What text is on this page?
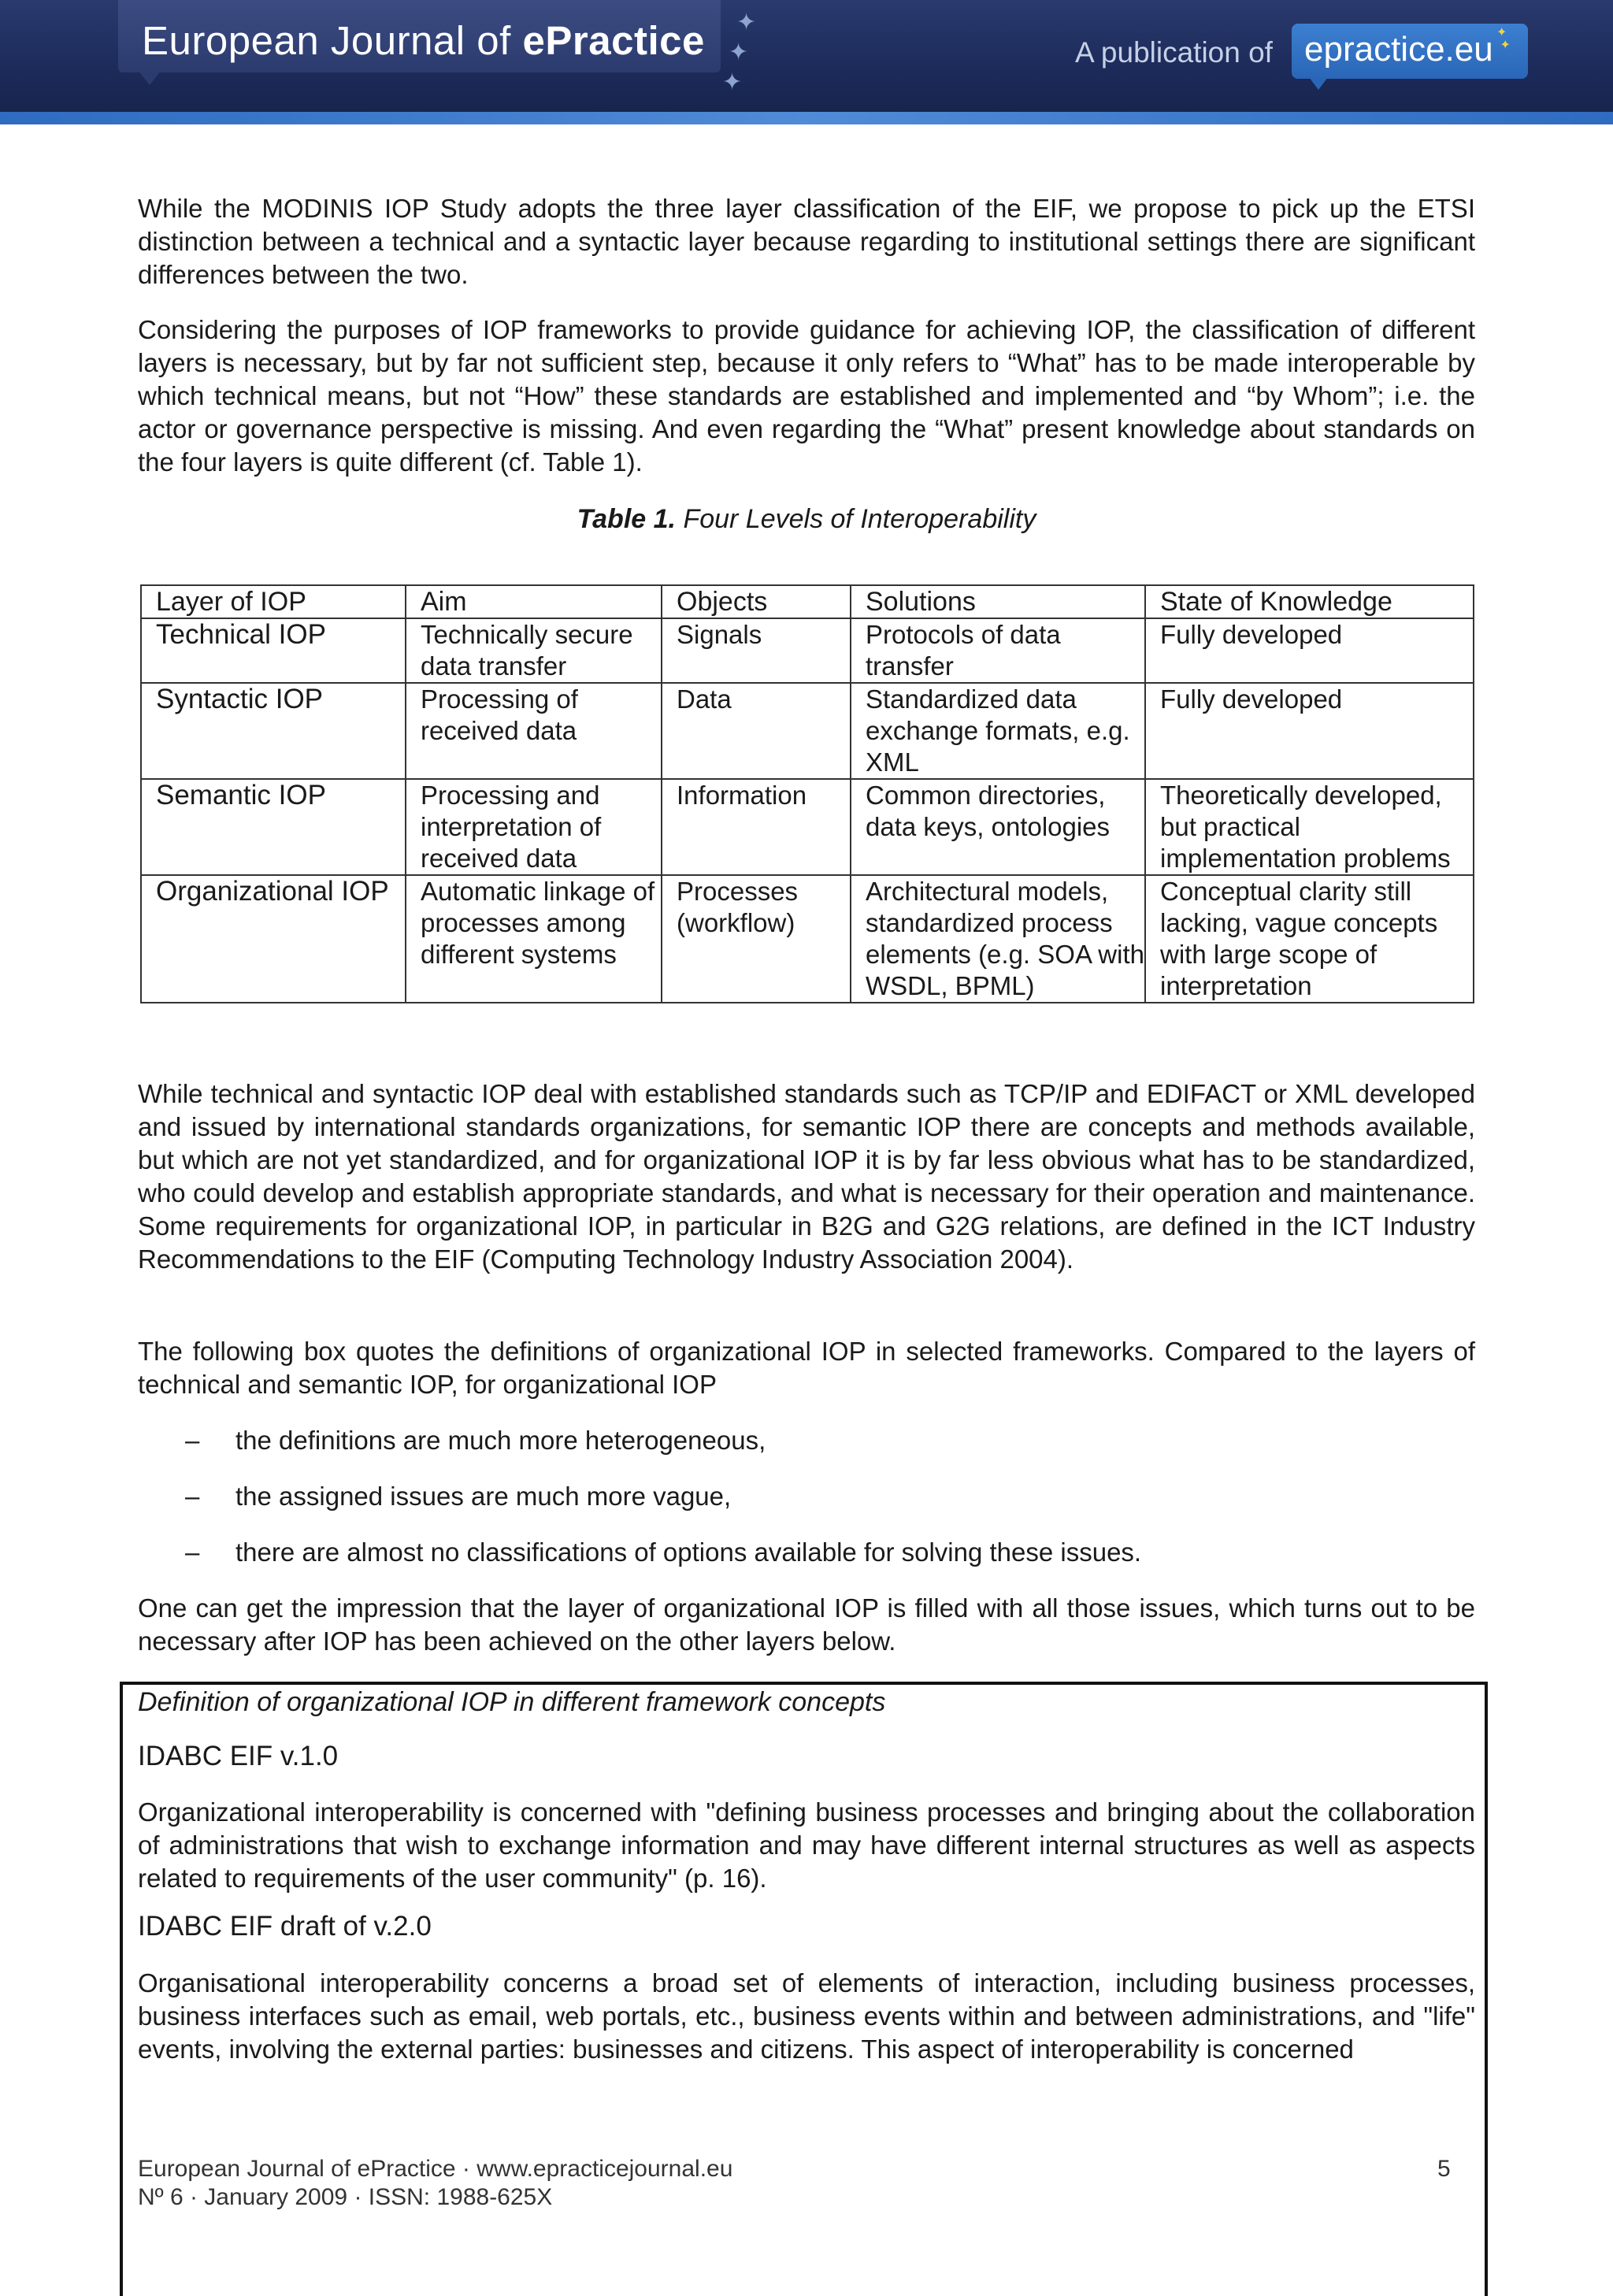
European Journal of ePractice ✦
✦
✦
A publication of epractice.eu ✦
✦

While the MODINIS IOP Study adopts the three layer classification of the EIF, we propose to pick up the ETSI distinction between a technical and a syntactic layer because regarding to institutional settings there are significant differences between the two.

Considering the purposes of IOP frameworks to provide guidance for achieving IOP, the classification of different layers is necessary, but by far not sufficient step, because it only refers to “What” has to be made interoperable by which technical means, but not “How” these standards are established and implemented and “by Whom”; i.e. the actor or governance perspective is missing. And even regarding the “What” present knowledge about standards on the four layers is quite different (cf. Table 1).

Table 1. Four Levels of Interoperability
Layer of IOP	Aim	Objects	Solutions	State of Knowledge
Technical IOP	Technically secure data transfer	Signals	Protocols of data transfer	Fully developed
Syntactic IOP	Processing of received data	Data	Standardized data exchange formats, e.g. XML	Fully developed
Semantic IOP	Processing and interpretation of received data	Information	Common directories, data keys, ontologies	Theoretically developed, but practical implementation problems
Organizational IOP	Automatic linkage of processes among different systems	Processes (workflow)	Architectural models, standardized process elements (e.g. SOA with WSDL, BPML)	Conceptual clarity still lacking, vague concepts with large scope of interpretation

While technical and syntactic IOP deal with established standards such as TCP/IP and EDIFACT or XML developed and issued by international standards organizations, for semantic IOP there are concepts and methods available, but which are not yet standardized, and for organizational IOP it is by far less obvious what has to be standardized, who could develop and establish appropriate standards, and what is necessary for their operation and maintenance. Some requirements for organizational IOP, in particular in B2G and G2G relations, are defined in the ICT Industry Recommendations to the EIF (Computing Technology Industry Association 2004).

The following box quotes the definitions of organizational IOP in selected frameworks. Compared to the layers of technical and semantic IOP, for organizational IOP

– the definitions are much more heterogeneous,
– the assigned issues are much more vague,
– there are almost no classifications of options available for solving these issues.

One can get the impression that the layer of organizational IOP is filled with all those issues, which turns out to be necessary after IOP has been achieved on the other layers below.

Definition of organizational IOP in different framework concepts
IDABC EIF v.1.0

Organizational interoperability is concerned with "defining business processes and bringing about the collaboration of administrations that wish to exchange information and may have different internal structures as well as aspects related to requirements of the user community" (p. 16).

IDABC EIF draft of v.2.0

Organisational interoperability concerns a broad set of elements of interaction, including business processes, business interfaces such as email, web portals, etc., business events within and between administrations, and "life" events, involving the external parties: businesses and citizens. This aspect of interoperability is concerned

European Journal of ePractice · www.epracticejournal.eu
Nº 6 · January 2009 · ISSN: 1988-625X
5
